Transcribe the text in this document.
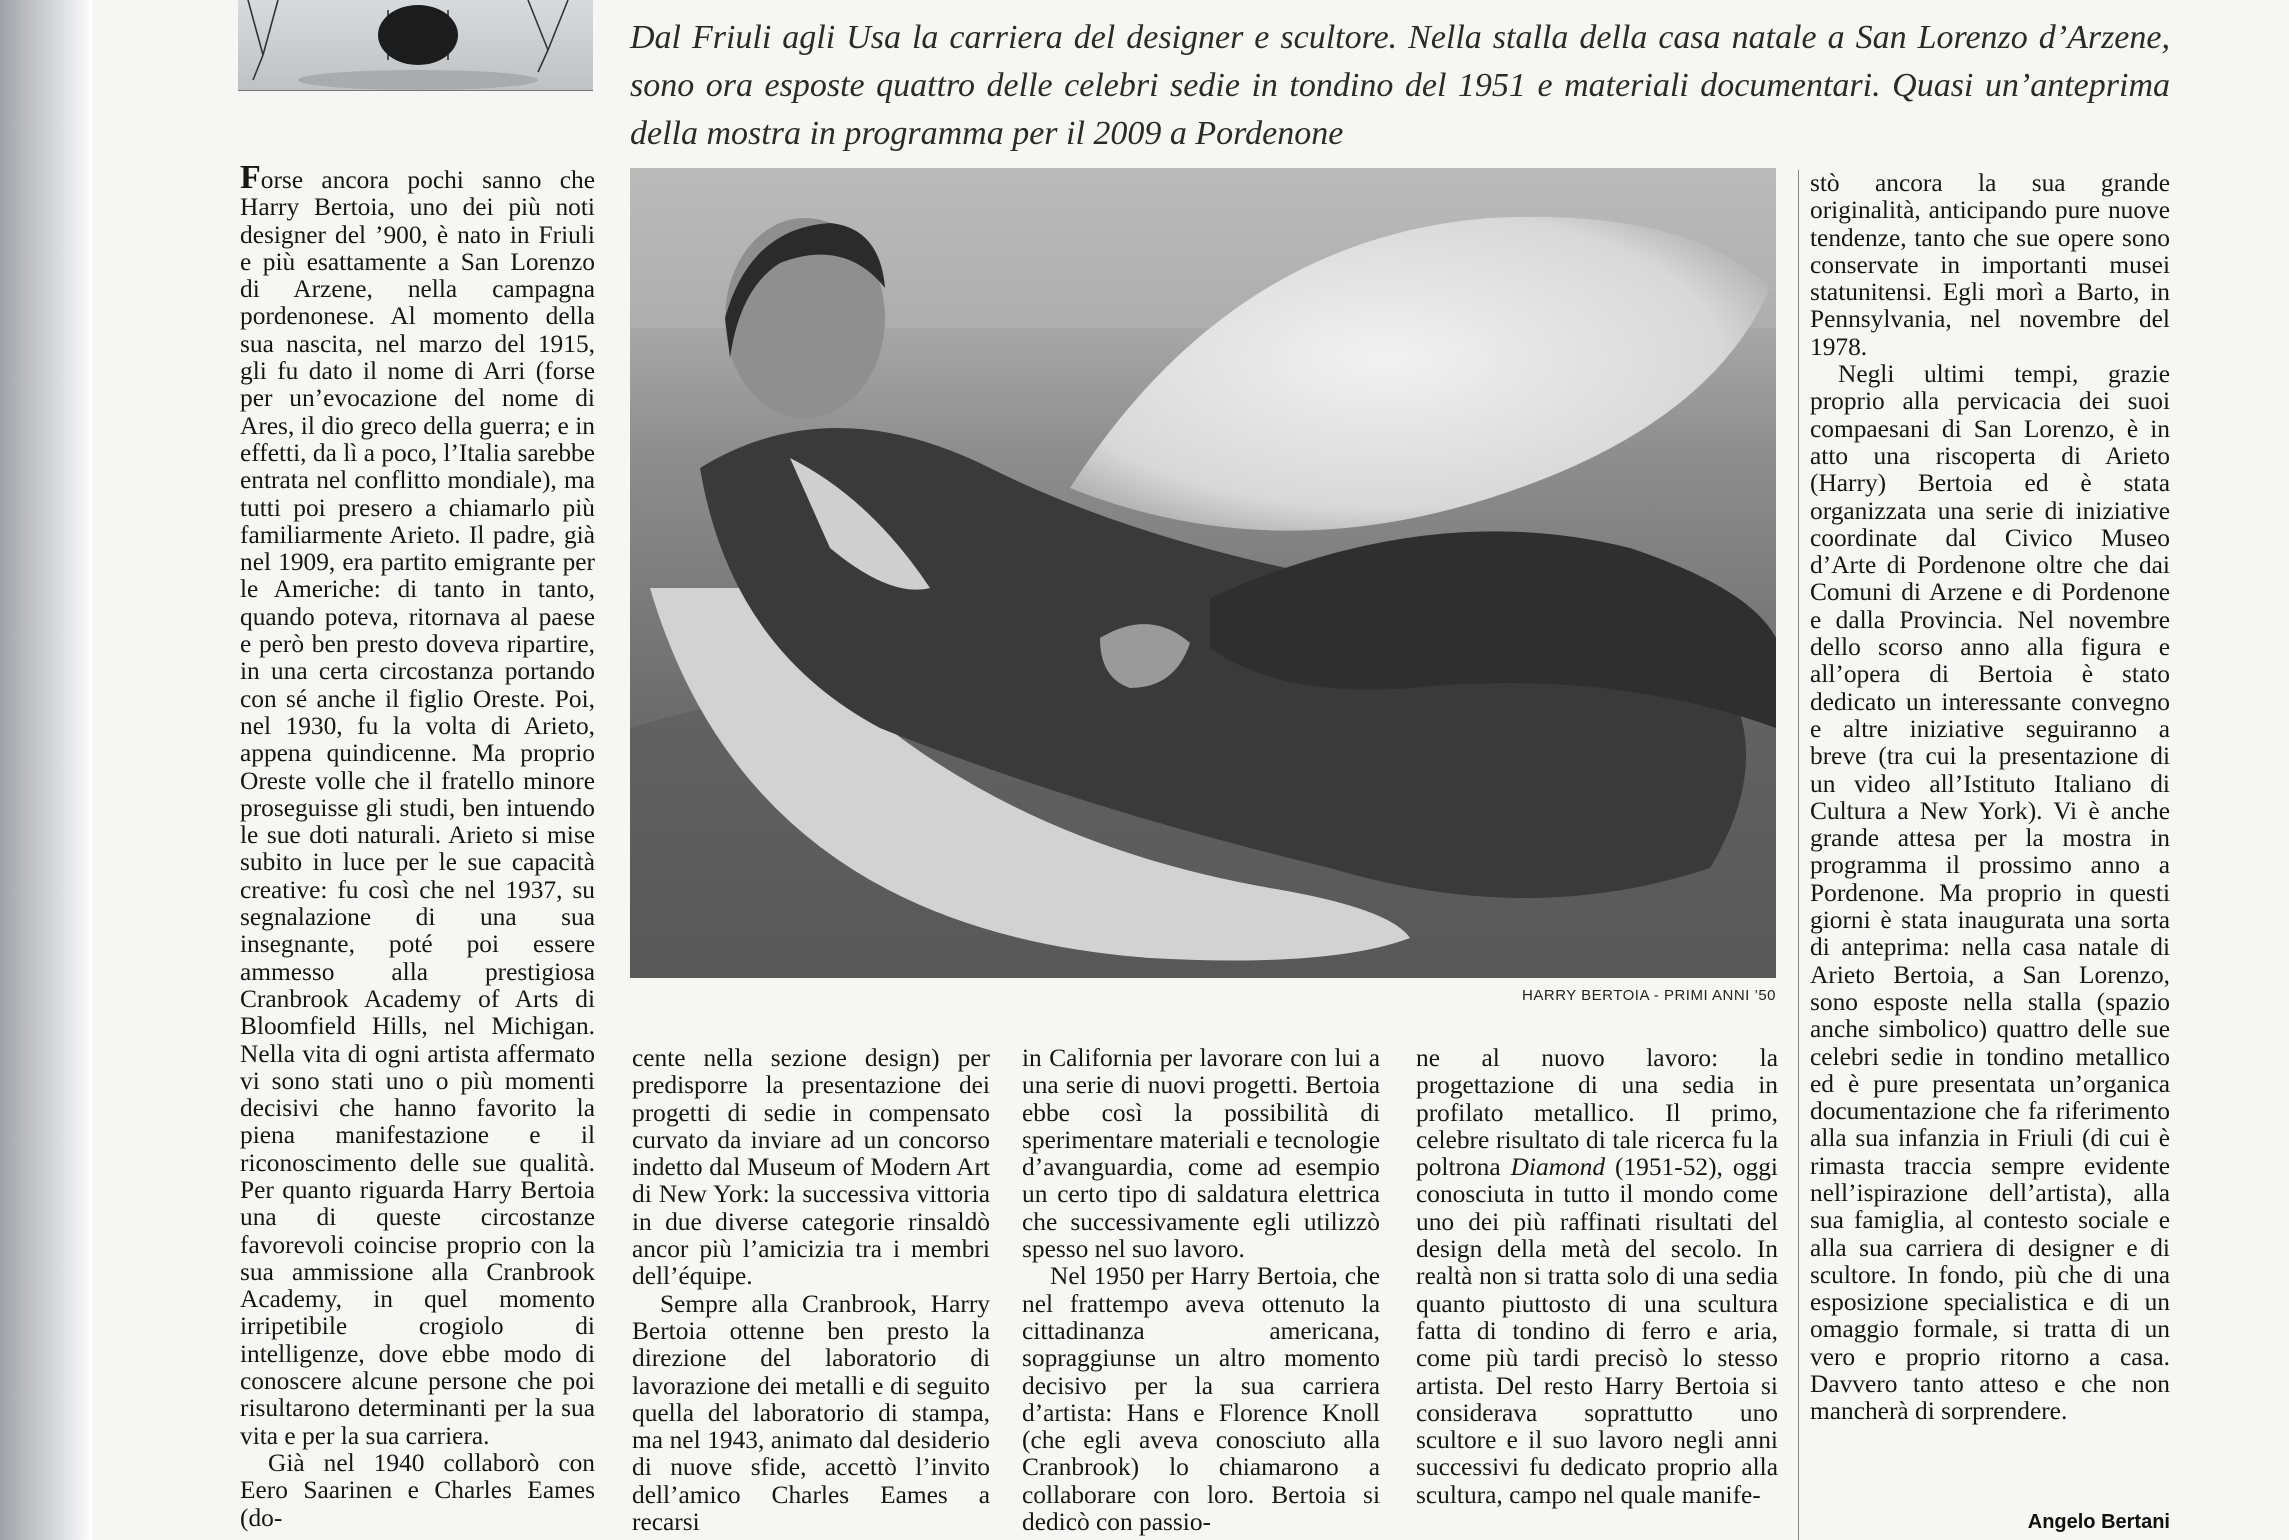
Dal Friuli agli Usa la carriera del designer e scultore. Nella stalla della casa natale a San Lorenzo d’Arzene, sono ora esposte quattro delle celebri sedie in tondino del 1951 e materiali documentari. Quasi un’anteprima della mostra in programma per il 2009 a Pordenone

Forse ancora pochi sanno che Harry Bertoia, uno dei più noti designer del ’900, è nato in Friuli e più esattamente a San Lorenzo di Arzene, nella campagna pordenonese. Al momento della sua nascita, nel marzo del 1915, gli fu dato il nome di Arri (forse per un’evocazione del nome di Ares, il dio greco della guerra; e in effetti, da lì a poco, l’Italia sarebbe entrata nel conflitto mondiale), ma tutti poi presero a chiamarlo più familiarmente Arieto. Il padre, già nel 1909, era partito emigrante per le Americhe: di tanto in tanto, quando poteva, ritornava al paese e però ben presto doveva ripartire, in una certa circostanza portando con sé anche il figlio Oreste. Poi, nel 1930, fu la volta di Arieto, appena quindicenne. Ma proprio Oreste volle che il fratello minore proseguisse gli studi, ben intuendo le sue doti naturali. Arieto si mise subito in luce per le sue capacità creative: fu così che nel 1937, su segnalazione di una sua insegnante, poté poi essere ammesso alla prestigiosa Cranbrook Academy of Arts di Bloomfield Hills, nel Michigan. Nella vita di ogni artista affermato vi sono stati uno o più momenti decisivi che hanno favorito la piena manifestazione e il riconoscimento delle sue qualità. Per quanto riguarda Harry Bertoia una di queste circostanze favorevoli coincise proprio con la sua ammissione alla Cranbrook Academy, in quel momento irripetibile crogiolo di intelligenze, dove ebbe modo di conoscere alcune persone che poi risultarono determinanti per la sua vita e per la sua carriera.

Già nel 1940 collaborò con Eero Saarinen e Charles Eames (do-

HARRY BERTOIA - PRIMI ANNI ’50

cente nella sezione design) per predisporre la presentazione dei progetti di sedie in compensato curvato da inviare ad un concorso indetto dal Museum of Modern Art di New York: la successiva vittoria in due diverse categorie rinsaldò ancor più l’amicizia tra i membri dell’équipe.

Sempre alla Cranbrook, Harry Bertoia ottenne ben presto la direzione del laboratorio di lavorazione dei metalli e di seguito quella del laboratorio di stampa, ma nel 1943, animato dal desiderio di nuove sfide, accettò l’invito dell’amico Charles Eames a recarsi

in California per lavorare con lui a una serie di nuovi progetti. Bertoia ebbe così la possibilità di sperimentare materiali e tecnologie d’avanguardia, come ad esempio un certo tipo di saldatura elettrica che successivamente egli utilizzò spesso nel suo lavoro.

Nel 1950 per Harry Bertoia, che nel frattempo aveva ottenuto la cittadinanza americana, sopraggiunse un altro momento decisivo per la sua carriera d’artista: Hans e Florence Knoll (che egli aveva conosciuto alla Cranbrook) lo chiamarono a collaborare con loro. Bertoia si dedicò con passio-

ne al nuovo lavoro: la progettazione di una sedia in profilato metallico. Il primo, celebre risultato di tale ricerca fu la poltrona Diamond (1951-52), oggi conosciuta in tutto il mondo come uno dei più raffinati risultati del design della metà del secolo. In realtà non si tratta solo di una sedia quanto piuttosto di una scultura fatta di tondino di ferro e aria, come più tardi precisò lo stesso artista. Del resto Harry Bertoia si considerava soprattutto uno scultore e il suo lavoro negli anni successivi fu dedicato proprio alla scultura, campo nel quale manife-

stò ancora la sua grande originalità, anticipando pure nuove tendenze, tanto che sue opere sono conservate in importanti musei statunitensi. Egli morì a Barto, in Pennsylvania, nel novembre del 1978.

Negli ultimi tempi, grazie proprio alla pervicacia dei suoi compaesani di San Lorenzo, è in atto una riscoperta di Arieto (Harry) Bertoia ed è stata organizzata una serie di iniziative coordinate dal Civico Museo d’Arte di Pordenone oltre che dai Comuni di Arzene e di Pordenone e dalla Provincia. Nel novembre dello scorso anno alla figura e all’opera di Bertoia è stato dedicato un interessante convegno e altre iniziative seguiranno a breve (tra cui la presentazione di un video all’Istituto Italiano di Cultura a New York). Vi è anche grande attesa per la mostra in programma il prossimo anno a Pordenone. Ma proprio in questi giorni è stata inaugurata una sorta di anteprima: nella casa natale di Arieto Bertoia, a San Lorenzo, sono esposte nella stalla (spazio anche simbolico) quattro delle sue celebri sedie in tondino metallico ed è pure presentata un’organica documentazione che fa riferimento alla sua infanzia in Friuli (di cui è rimasta traccia sempre evidente nell’ispirazione dell’artista), alla sua famiglia, al contesto sociale e alla sua carriera di designer e di scultore. In fondo, più che di una esposizione specialistica e di un omaggio formale, si tratta di un vero e proprio ritorno a casa. Davvero tanto atteso e che non mancherà di sorprendere.

Angelo Bertani
